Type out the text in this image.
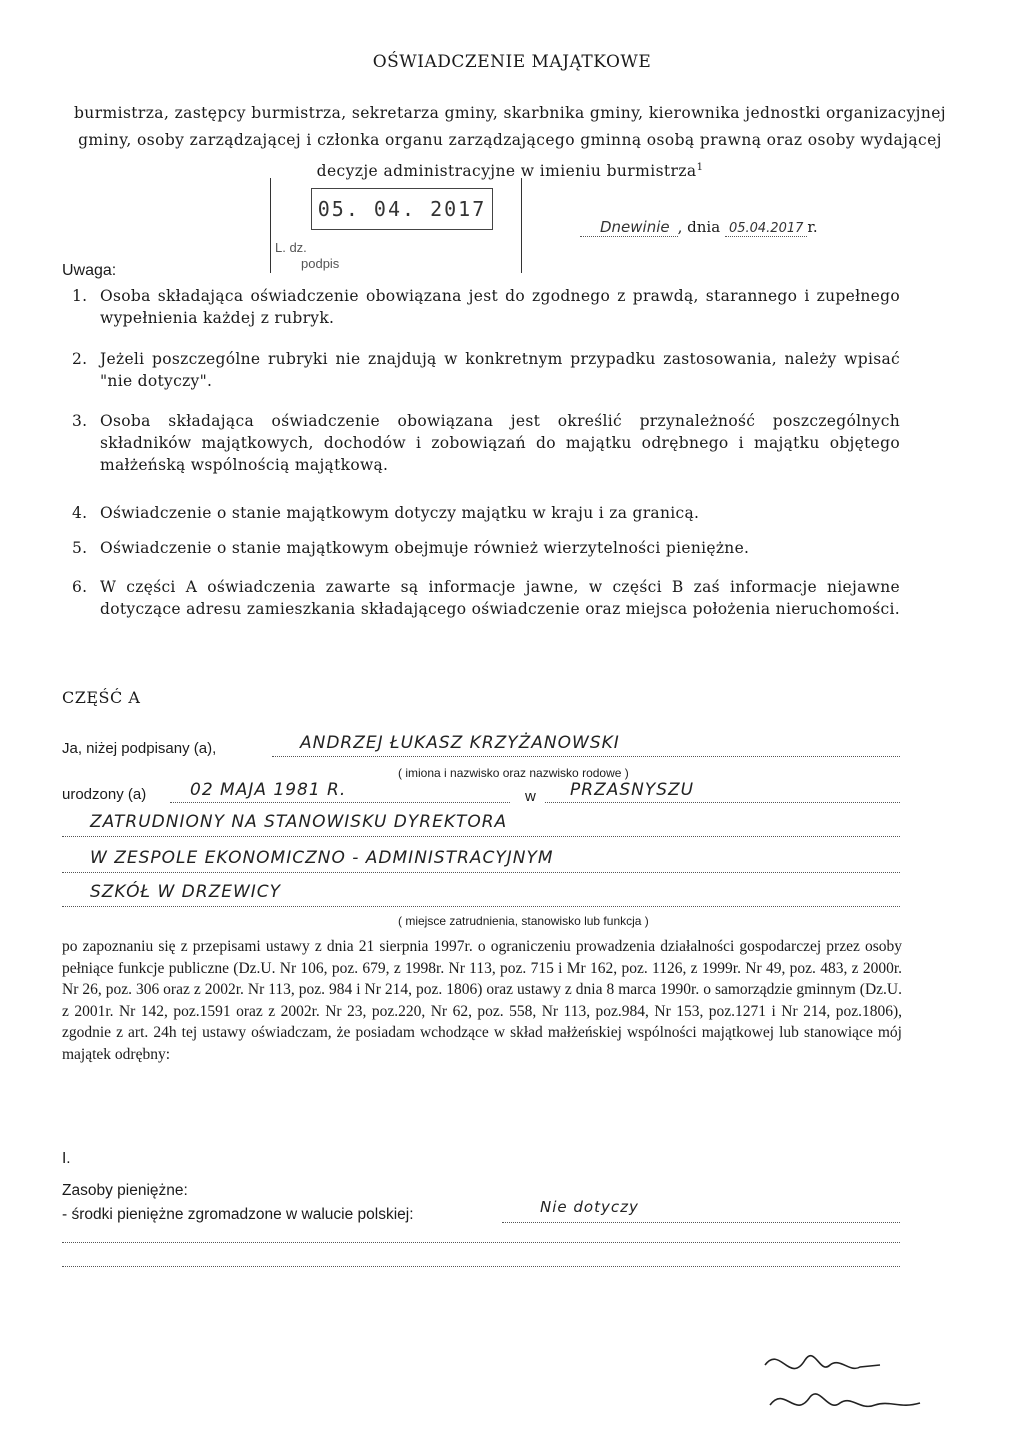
OŚWIADCZENIE MAJĄTKOWE
burmistrza, zastępcy burmistrza, sekretarza gminy, skarbnika gminy, kierownika jednostki organizacyjnej gminy, osoby zarządzającej i członka organu zarządzającego gminną osobą prawną oraz osoby wydającej decyzje administracyjne w imieniu burmistrza$^1$
05. 04. 2017
L. dz.
podpis
Dnewinie , dnia 05.04.2017 r.
Uwaga:
1. Osoba składająca oświadczenie obowiązana jest do zgodnego z prawdą, starannego i zupełnego wypełnienia każdej z rubryk.
2. Jeżeli poszczególne rubryki nie znajdują w konkretnym przypadku zastosowania, należy wpisać "nie dotyczy".
3. Osoba składająca oświadczenie obowiązana jest określić przynależność poszczególnych składników majątkowych, dochodów i zobowiązań do majątku odrębnego i majątku objętego małżeńską wspólnością majątkową.
4. Oświadczenie o stanie majątkowym dotyczy majątku w kraju i za granicą.
5. Oświadczenie o stanie majątkowym obejmuje również wierzytelności pieniężne.
6. W części A oświadczenia zawarte są informacje jawne, w części B zaś informacje niejawne dotyczące adresu zamieszkania składającego oświadczenie oraz miejsca położenia nieruchomości.
CZĘŚĆ A
Ja, niżej podpisany (a),	ANDRZEJ ŁUKASZ KRZYŻANOWSKI
( imiona i nazwisko oraz nazwisko rodowe )
urodzony (a)	02 MAJA 1981 R.	w PRZASNYSZU
ZATRUDNIONY NA STANOWISKU DYREKTORA
W ZESPOLE EKONOMICZNO - ADMINISTRACYJNYM
SZKÓŁ W DRZEWICY
( miejsce zatrudnienia, stanowisko lub funkcja )
po zapoznaniu się z przepisami ustawy z dnia 21 sierpnia 1997r. o ograniczeniu prowadzenia działalności gospodarczej przez osoby pełniące funkcje publiczne (Dz.U. Nr 106, poz. 679, z 1998r. Nr 113, poz. 715 i Mr 162, poz. 1126, z 1999r. Nr 49, poz. 483, z 2000r. Nr 26, poz. 306 oraz z 2002r. Nr 113, poz. 984 i Nr 214, poz. 1806) oraz ustawy z dnia 8 marca 1990r. o samorządzie gminnym (Dz.U. z 2001r. Nr 142, poz.1591 oraz z 2002r. Nr 23, poz.220, Nr 62, poz. 558, Nr 113, poz.984, Nr 153, poz.1271 i Nr 214, poz.1806), zgodnie z art. 24h tej ustawy oświadczam, że posiadam wchodzące w skład małżeńskiej wspólności majątkowej lub stanowiące mój majątek odrębny:
I.
Zasoby pieniężne:
- środki pieniężne zgromadzone w walucie polskiej:	Nie dotyczy
